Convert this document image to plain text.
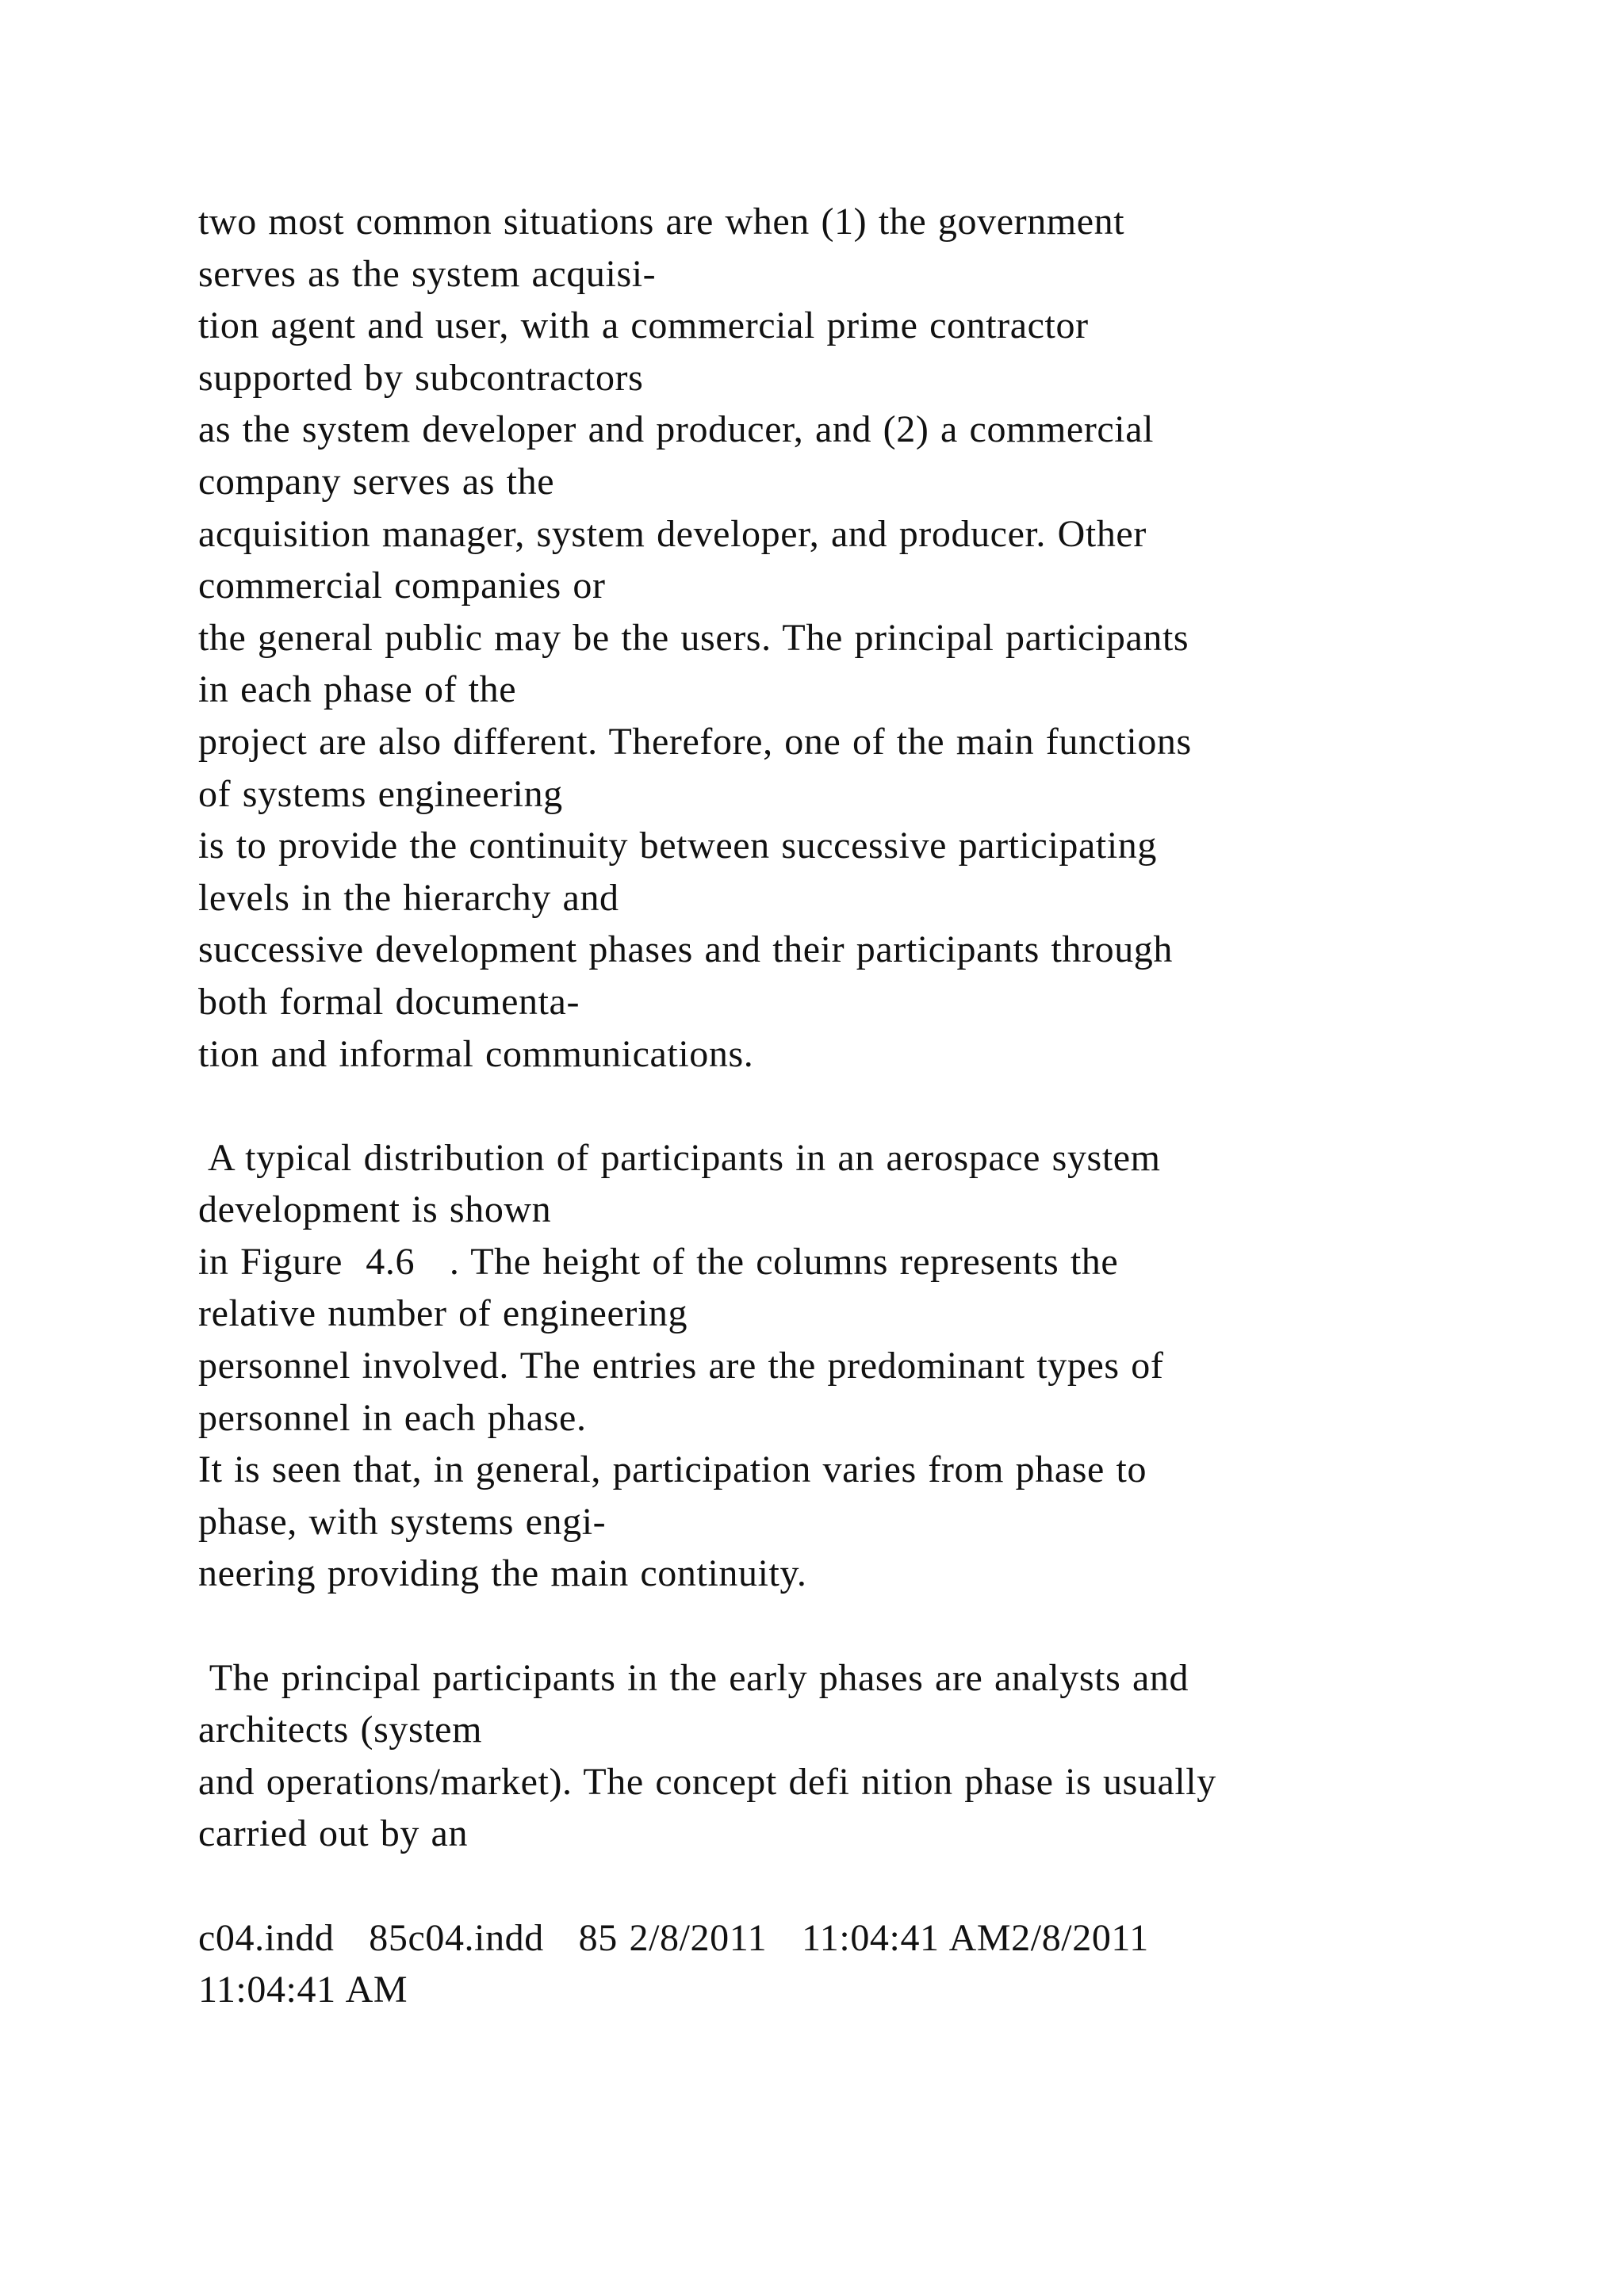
two most common situations are when (1) the government
serves as the system acquisi-
tion agent and user, with a commercial prime contractor
supported by subcontractors
as the system developer and producer, and (2) a commercial
company serves as the
acquisition manager, system developer, and producer. Other
commercial companies or
the general public may be the users. The principal participants
in each phase of the
project are also different. Therefore, one of the main functions
of systems engineering
is to provide the continuity between successive participating
levels in the hierarchy and
successive development phases and their participants through
both formal documenta-
tion and informal communications.
A typical distribution of participants in an aerospace system
development is shown
in Figure  4.6   . The height of the columns represents the
relative number of engineering
personnel involved. The entries are the predominant types of
personnel in each phase.
It is seen that, in general, participation varies from phase to
phase, with systems engi-
neering providing the main continuity.
The principal participants in the early phases are analysts and
architects (system
and operations/market). The concept defi nition phase is usually
carried out by an
c04.indd   85c04.indd   85 2/8/2011   11:04:41 AM2/8/2011
11:04:41 AM
